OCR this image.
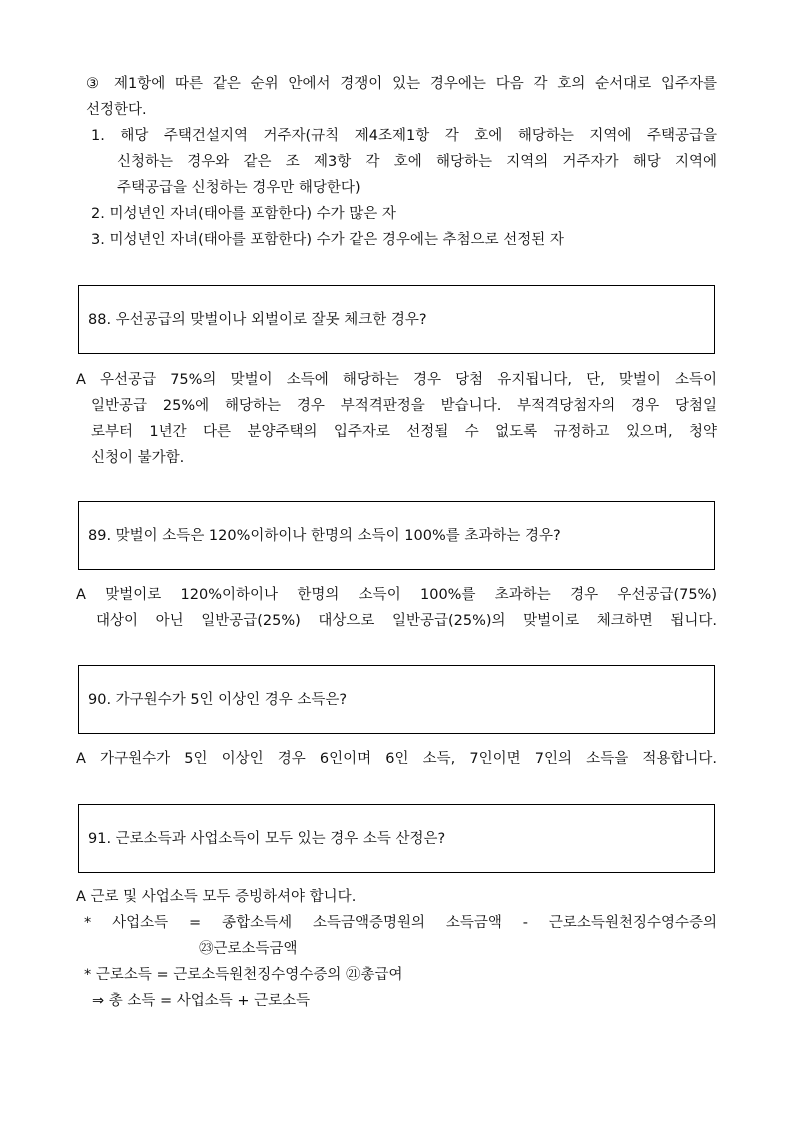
③ 제1항에 따른 같은 순위 안에서 경쟁이 있는 경우에는 다음 각 호의 순서대로 입주자를
선정한다.
1. 해당 주택건설지역 거주자(규칙 제4조제1항 각 호에 해당하는 지역에 주택공급을
신청하는 경우와 같은 조 제3항 각 호에 해당하는 지역의 거주자가 해당 지역에
주택공급을 신청하는 경우만 해당한다)
2. 미성년인 자녀(태아를 포함한다) 수가 많은 자
3. 미성년인 자녀(태아를 포함한다) 수가 같은 경우에는 추첨으로 선정된 자
88. 우선공급의 맞벌이나 외벌이로 잘못 체크한 경우?
A 우선공급 75%의 맞벌이 소득에 해당하는 경우 당첨 유지됩니다, 단, 맞벌이 소득이
일반공급 25%에 해당하는 경우 부적격판정을 받습니다. 부적격당첨자의 경우 당첨일
로부터 1년간 다른 분양주택의 입주자로 선정될 수 없도록 규정하고 있으며, 청약
신청이 불가함.
89. 맞벌이 소득은 120%이하이나 한명의 소득이 100%를 초과하는 경우?
A 맞벌이로 120%이하이나 한명의 소득이 100%를 초과하는 경우 우선공급(75%)
대상이 아닌 일반공급(25%) 대상으로 일반공급(25%)의 맞벌이로 체크하면 됩니다.
90. 가구원수가 5인 이상인 경우 소득은?
A 가구원수가 5인 이상인 경우 6인이며 6인 소득, 7인이면 7인의 소득을 적용합니다.
91. 근로소득과 사업소득이 모두 있는 경우 소득 산정은?
A 근로 및 사업소득 모두 증빙하셔야 합니다.
* 사업소득 = 종합소득세 소득금액증명원의 소득금액 - 근로소득원천징수영수증의
㉓근로소득금액
* 근로소득 = 근로소득원천징수영수증의 ㉑총급여
⇒ 총 소득 = 사업소득 + 근로소득
